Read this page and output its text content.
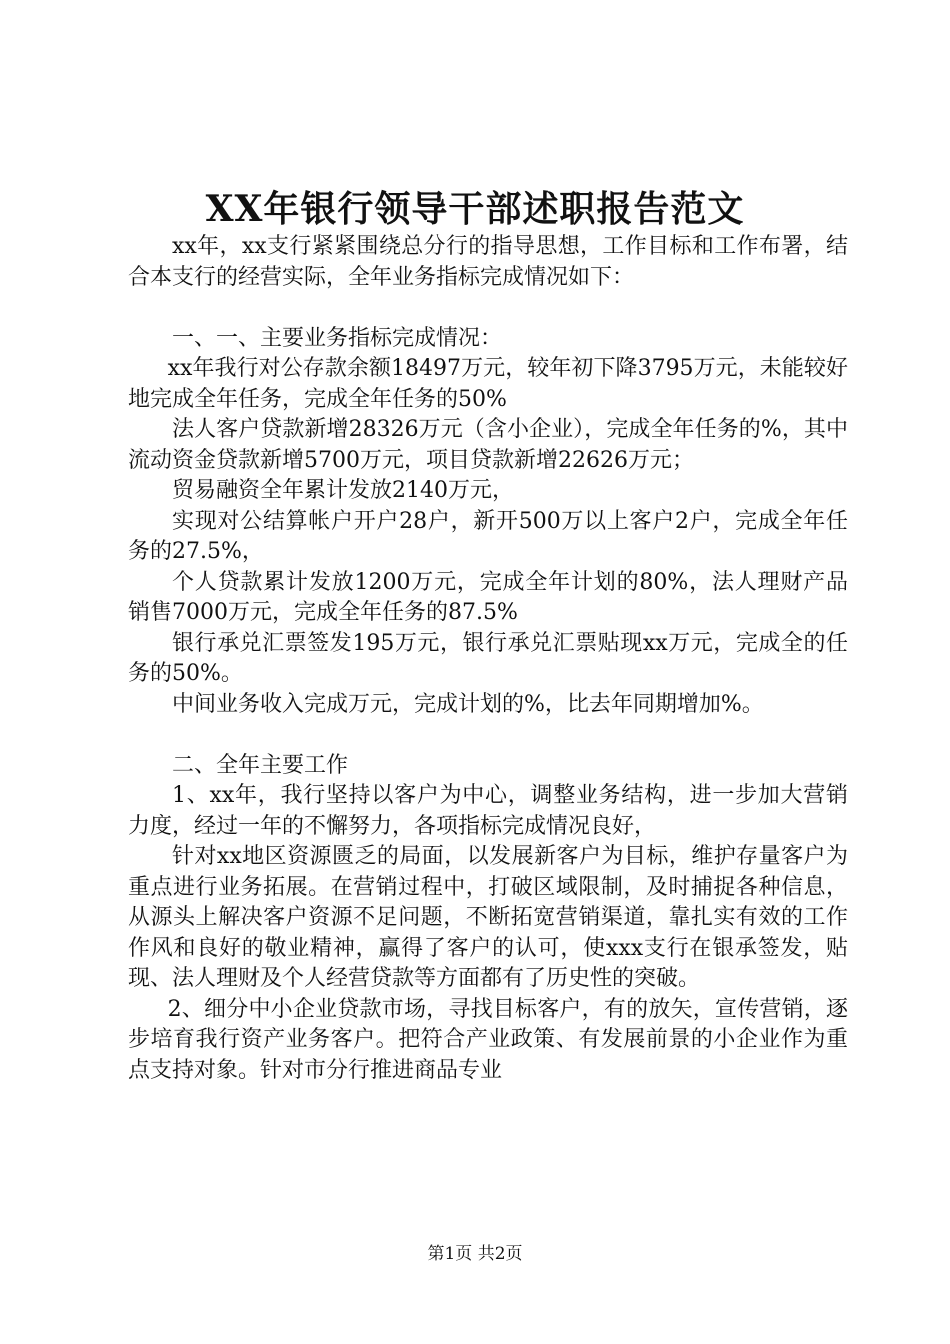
XX年银行领导干部述职报告范文

xx年，xx支行紧紧围绕总分行的指导思想，工作目标和工作布署，结合本支行的经营实际，全年业务指标完成情况如下：

一、一、主要业务指标完成情况：

xx年我行对公存款余额18497万元，较年初下降3795万元，未能较好地完成全年任务，完成全年任务的50%

法人客户贷款新增28326万元（含小企业），完成全年任务的%，其中流动资金贷款新增5700万元，项目贷款新增22626万元；

贸易融资全年累计发放2140万元，

实现对公结算帐户开户28户，新开500万以上客户2户，完成全年任务的27.5%，

个人贷款累计发放1200万元，完成全年计划的80%，法人理财产品销售7000万元，完成全年任务的87.5%

银行承兑汇票签发195万元，银行承兑汇票贴现xx万元，完成全的任务的50%。

中间业务收入完成万元，完成计划的%，比去年同期增加%。

二、全年主要工作

1、xx年，我行坚持以客户为中心，调整业务结构，进一步加大营销力度，经过一年的不懈努力，各项指标完成情况良好，

针对xx地区资源匮乏的局面，以发展新客户为目标，维护存量客户为重点进行业务拓展。在营销过程中，打破区域限制，及时捕捉各种信息，从源头上解决客户资源不足问题，不断拓宽营销渠道，靠扎实有效的工作作风和良好的敬业精神，赢得了客户的认可，使xxx支行在银承签发，贴现、法人理财及个人经营贷款等方面都有了历史性的突破。

2、细分中小企业贷款市场，寻找目标客户，有的放矢，宣传营销，逐步培育我行资产业务客户。把符合产业政策、有发展前景的小企业作为重点支持对象。针对市分行推进商品专业

第1页 共2页
